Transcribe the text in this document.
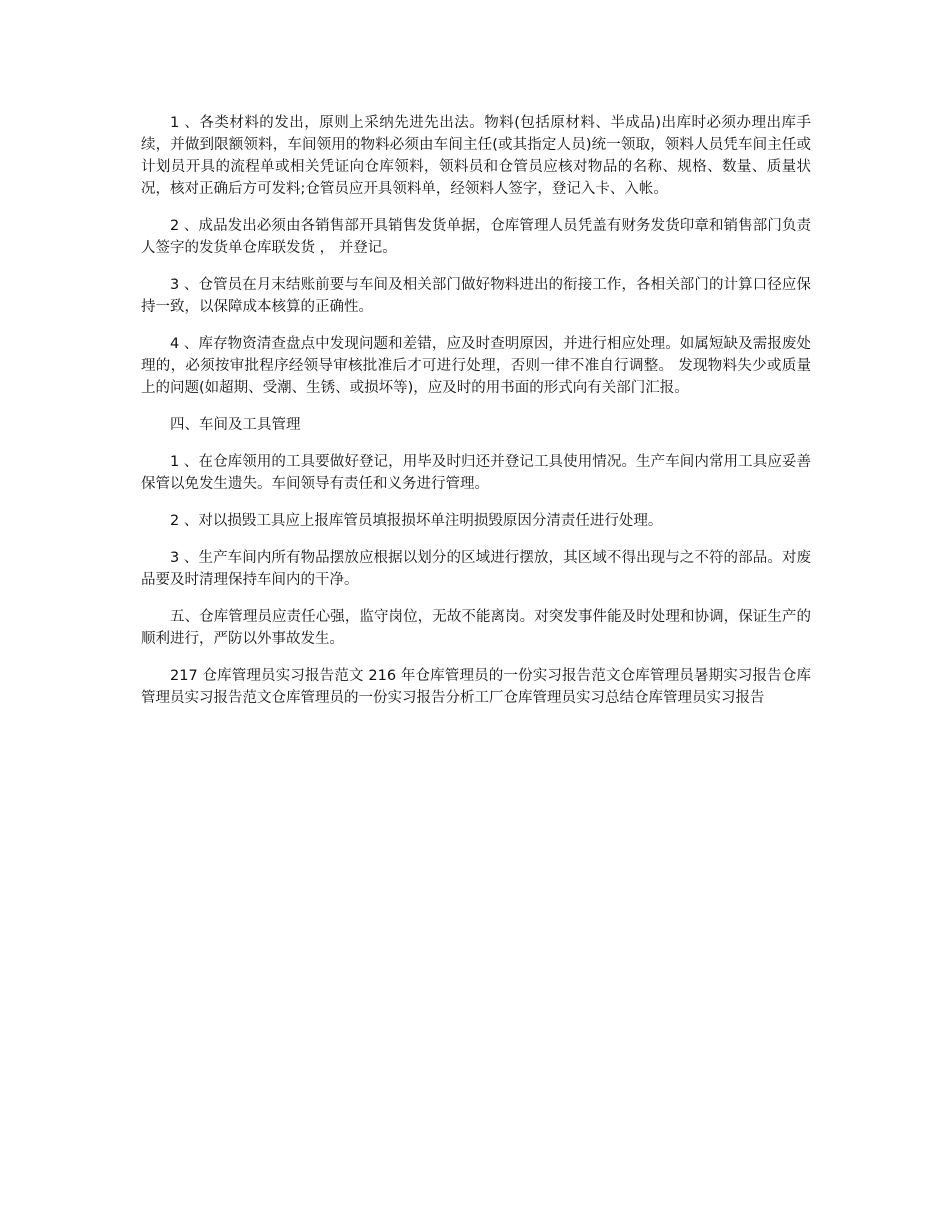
1 、各类材料的发出，原则上采纳先进先出法。物料(包括原材料、半成品)出库时必须办理出库手续，并做到限额领料，车间领用的物料必须由车间主任(或其指定人员)统一领取，领料人员凭车间主任或计划员开具的流程单或相关凭证向仓库领料，领料员和仓管员应核对物品的名称、规格、数量、质量状况，核对正确后方可发料;仓管员应开具领料单，经领料人签字，登记入卡、入帐。

2 、成品发出必须由各销售部开具销售发货单据，仓库管理人员凭盖有财务发货印章和销售部门负责人签字的发货单仓库联发货 ， 并登记。

3 、仓管员在月末结账前要与车间及相关部门做好物料进出的衔接工作，各相关部门的计算口径应保持一致，以保障成本核算的正确性。

4 、库存物资清查盘点中发现问题和差错，应及时查明原因，并进行相应处理。如属短缺及需报废处理的，必须按审批程序经领导审核批准后才可进行处理，否则一律不准自行调整。 发现物料失少或质量上的问题(如超期、受潮、生锈、或损坏等)，应及时的用书面的形式向有关部门汇报。

四、车间及工具管理

1 、在仓库领用的工具要做好登记，用毕及时归还并登记工具使用情况。生产车间内常用工具应妥善保管以免发生遗失。车间领导有责任和义务进行管理。

2 、对以损毁工具应上报库管员填报损坏单注明损毁原因分清责任进行处理。

3 、生产车间内所有物品摆放应根据以划分的区域进行摆放，其区域不得出现与之不符的部品。对废品要及时清理保持车间内的干净。

五、仓库管理员应责任心强，监守岗位，无故不能离岗。对突发事件能及时处理和协调，保证生产的顺利进行，严防以外事故发生。

217 仓库管理员实习报告范文 216 年仓库管理员的一份实习报告范文仓库管理员暑期实习报告仓库管理员实习报告范文仓库管理员的一份实习报告分析工厂仓库管理员实习总结仓库管理员实习报告
